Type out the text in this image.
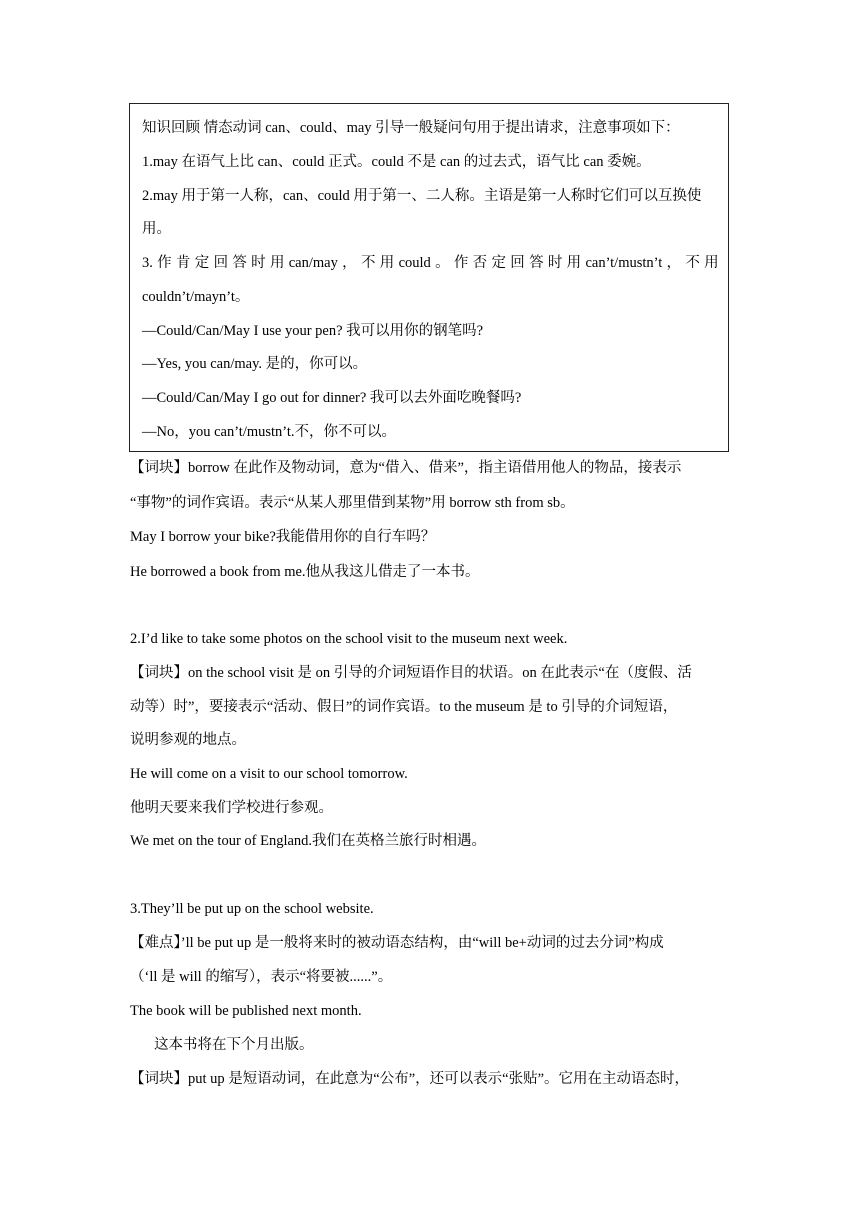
知识回顾 情态动词 can、could、may 引导一般疑问句用于提出请求，注意事项如下：
1.may 在语气上比 can、could 正式。could 不是 can 的过去式，语气比 can 委婉。
2.may 用于第一人称，can、could 用于第一、二人称。主语是第一人称时它们可以互换使
用。
3. 作 肯 定 回 答 时 用 can/may ， 不 用 could 。 作 否 定 回 答 时 用 can’t/mustn’t ， 不 用
couldn’t/mayn’t。
—Could/Can/May I use your pen? 我可以用你的钢笔吗?
—Yes, you can/may. 是的，你可以。
—Could/Can/May I go out for dinner? 我可以去外面吃晚餐吗?
—No，you can’t/mustn’t.不，你不可以。
【词块】borrow 在此作及物动词，意为“借入、借来”，指主语借用他人的物品，接表示
“事物”的词作宾语。表示“从某人那里借到某物”用 borrow sth from sb。
May I borrow your bike?我能借用你的自行车吗？
He borrowed a book from me.他从我这儿借走了一本书。
2.I’d like to take some photos on the school visit to the museum next week.
【词块】on the school visit 是 on 引导的介词短语作目的状语。on 在此表示“在（度假、活
动等）时”，要接表示“活动、假日”的词作宾语。to the museum 是 to 引导的介词短语，
说明参观的地点。
He will come on a visit to our school tomorrow.
他明天要来我们学校进行参观。
We met on the tour of England.我们在英格兰旅行时相遇。
3.They’ll be put up on the school website.
【难点】’ll be put up 是一般将来时的被动语态结构，由“will be+动词的过去分词”构成
（‘ll 是 will 的缩写），表示“将要被......”。
The book will be published next month.
这本书将在下个月出版。
【词块】put up 是短语动词，在此意为“公布”，还可以表示“张贴”。它用在主动语态时，
